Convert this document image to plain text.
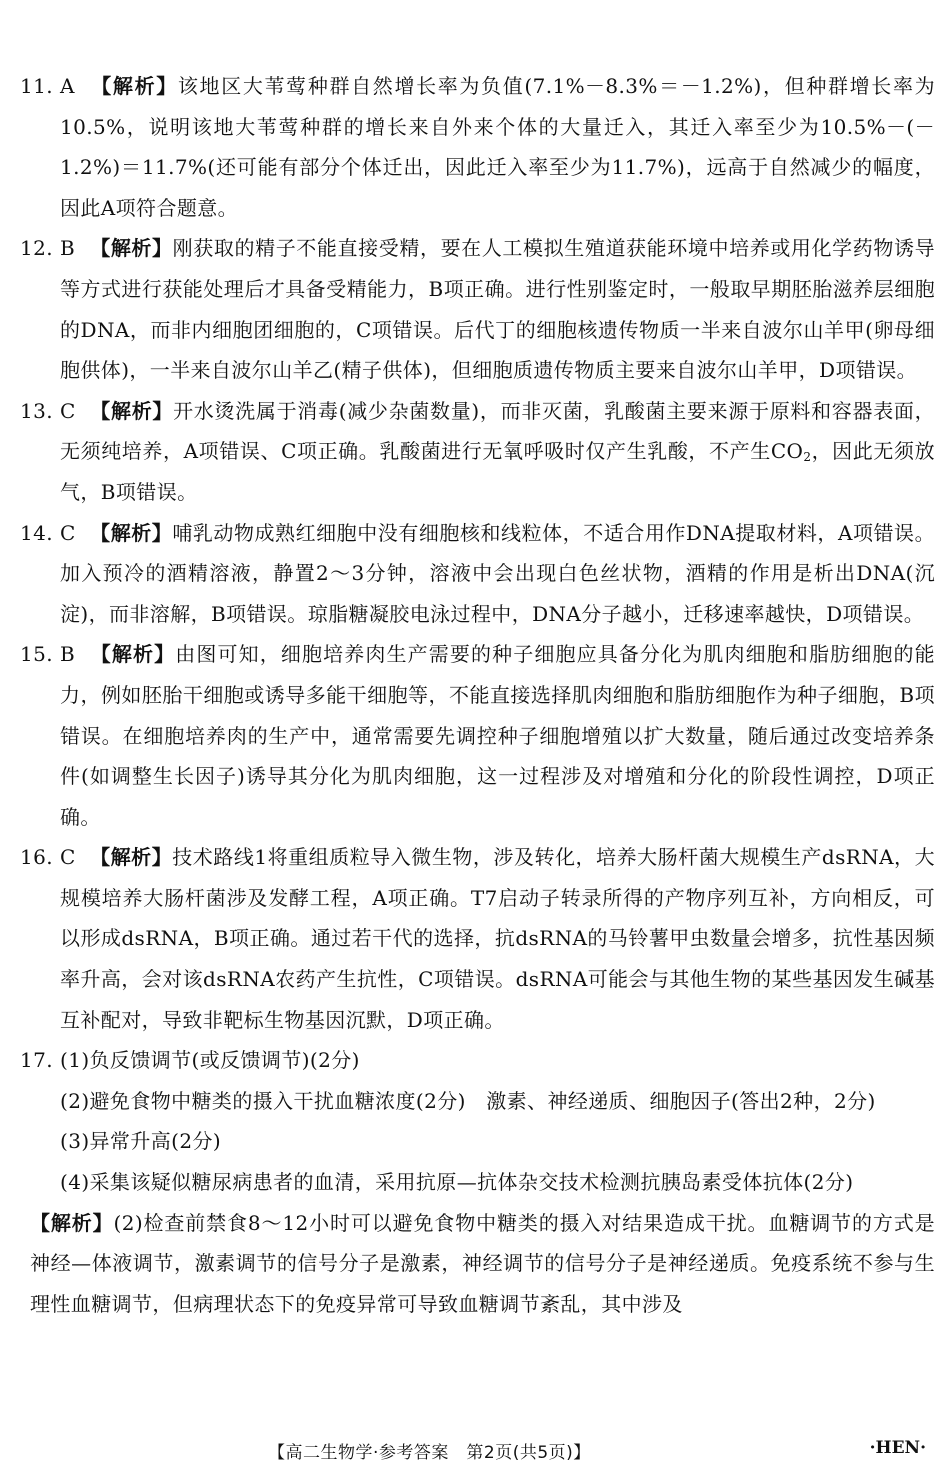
11. A 【解析】该地区大苇莺种群自然增长率为负值(7.1%－8.3%＝－1.2%)，但种群增长率为10.5%，说明该地大苇莺种群的增长来自外来个体的大量迁入，其迁入率至少为10.5%－(－1.2%)＝11.7%(还可能有部分个体迁出，因此迁入率至少为11.7%)，远高于自然减少的幅度，因此A项符合题意。
12. B 【解析】刚获取的精子不能直接受精，要在人工模拟生殖道获能环境中培养或用化学药物诱导等方式进行获能处理后才具备受精能力，B项正确。进行性别鉴定时，一般取早期胚胎滋养层细胞的DNA，而非内细胞团细胞的，C项错误。后代丁的细胞核遗传物质一半来自波尔山羊甲(卵母细胞供体)，一半来自波尔山羊乙(精子供体)，但细胞质遗传物质主要来自波尔山羊甲，D项错误。
13. C 【解析】开水烫洗属于消毒(减少杂菌数量)，而非灭菌，乳酸菌主要来源于原料和容器表面，无须纯培养，A项错误、C项正确。乳酸菌进行无氧呼吸时仅产生乳酸，不产生$CO_2$，因此无须放气，B项错误。
14. C 【解析】哺乳动物成熟红细胞中没有细胞核和线粒体，不适合用作DNA提取材料，A项错误。加入预冷的酒精溶液，静置2～3分钟，溶液中会出现白色丝状物，酒精的作用是析出DNA(沉淀)，而非溶解，B项错误。琼脂糖凝胶电泳过程中，DNA分子越小，迁移速率越快，D项错误。
15. B 【解析】由图可知，细胞培养肉生产需要的种子细胞应具备分化为肌肉细胞和脂肪细胞的能力，例如胚胎干细胞或诱导多能干细胞等，不能直接选择肌肉细胞和脂肪细胞作为种子细胞，B项错误。在细胞培养肉的生产中，通常需要先调控种子细胞增殖以扩大数量，随后通过改变培养条件(如调整生长因子)诱导其分化为肌肉细胞，这一过程涉及对增殖和分化的阶段性调控，D项正确。
16. C 【解析】技术路线1将重组质粒导入微生物，涉及转化，培养大肠杆菌大规模生产dsRNA，大规模培养大肠杆菌涉及发酵工程，A项正确。T7启动子转录所得的产物序列互补，方向相反，可以形成dsRNA，B项正确。通过若干代的选择，抗dsRNA的马铃薯甲虫数量会增多，抗性基因频率升高，会对该dsRNA农药产生抗性，C项错误。dsRNA可能会与其他生物的某些基因发生碱基互补配对，导致非靶标生物基因沉默，D项正确。
17. (1)负反馈调节(或反馈调节)(2分)
(2)避免食物中糖类的摄入干扰血糖浓度(2分)　激素、神经递质、细胞因子(答出2种，2分)
(3)异常升高(2分)
(4)采集该疑似糖尿病患者的血清，采用抗原—抗体杂交技术检测抗胰岛素受体抗体(2分)
【解析】(2)检查前禁食8～12小时可以避免食物中糖类的摄入对结果造成干扰。血糖调节的方式是神经—体液调节，激素调节的信号分子是激素，神经调节的信号分子是神经递质。免疫系统不参与生理性血糖调节，但病理状态下的免疫异常可导致血糖调节紊乱，其中涉及
【高二生物学·参考答案　第2页(共5页)】	·HEN·
